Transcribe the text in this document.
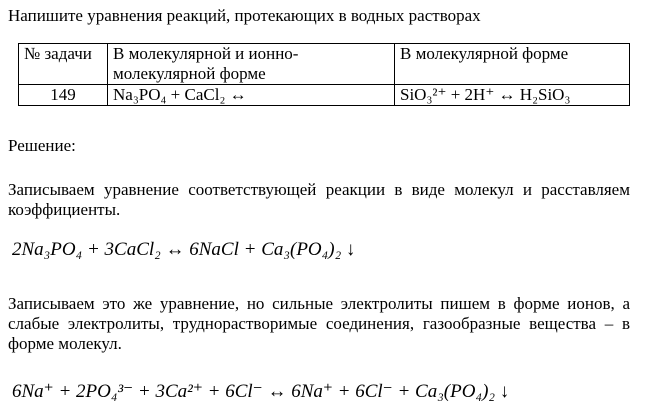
Напишите уравнения реакций, протекающих в водных растворах
№ задачи	В молекулярной и ионно-молекулярной форме	В молекулярной форме
149	Na₃PO₄ + CaCl₂ ↔	SiO₃²⁺ + 2H⁺ ↔ H₂SiO₃
Решение:
Записываем уравнение соответствующей реакции в виде молекул и расставляем коэффициенты.
2Na₃PO₄ + 3CaCl₂ ↔ 6NaCl + Ca₃(PO₄)₂ ↓
Записываем это же уравнение, но сильные электролиты пишем в форме ионов, а слабые электролиты, труднорастворимые соединения, газообразные вещества – в форме молекул.
6Na⁺ + 2PO₄³⁻ + 3Ca²⁺ + 6Cl⁻ ↔ 6Na⁺ + 6Cl⁻ + Ca₃(PO₄)₂ ↓
